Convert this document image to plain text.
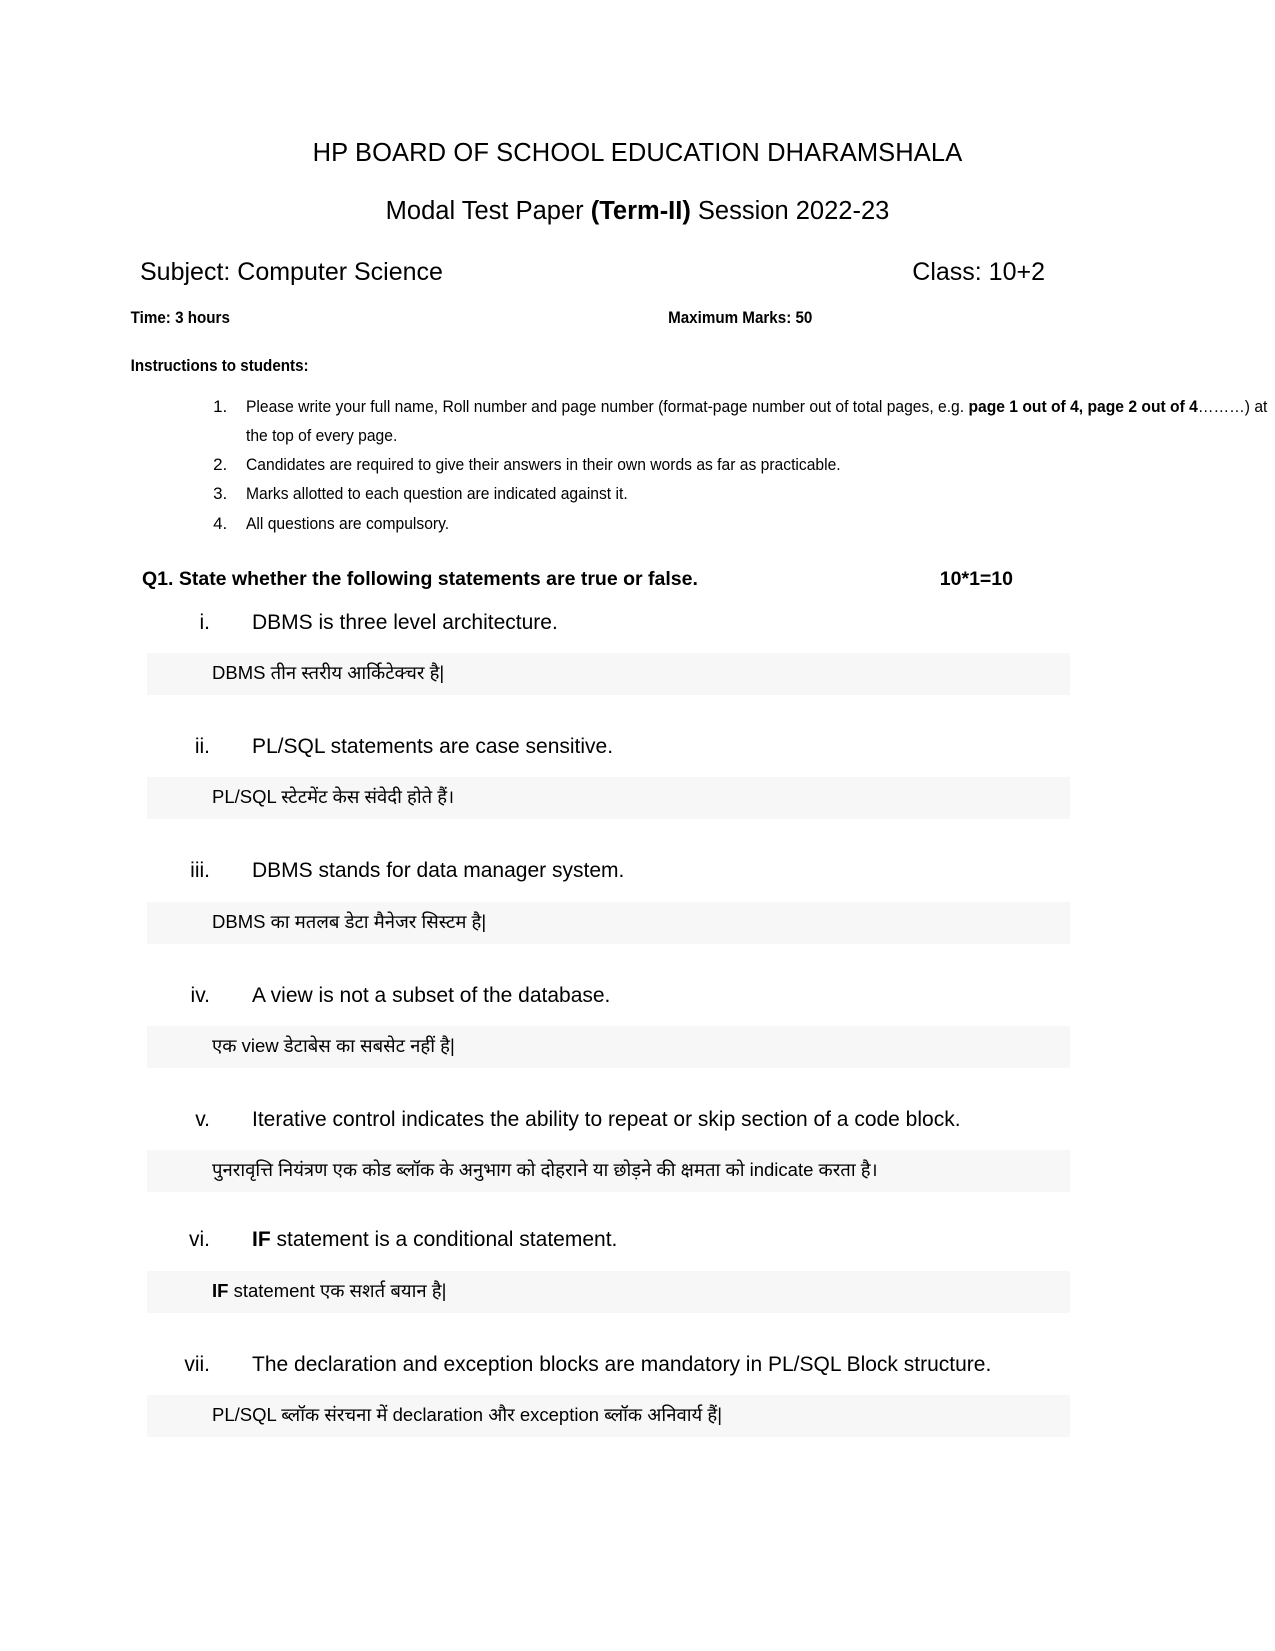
HP BOARD OF SCHOOL EDUCATION DHARAMSHALA
Modal Test Paper (Term-II) Session 2022-23
Subject: Computer Science	Class: 10+2
Time: 3 hours	Maximum Marks: 50
Instructions to students:
1. Please write your full name, Roll number and page number (format-page number out of total pages, e.g. page 1 out of 4, page 2 out of 4………) at the top of every page.
2. Candidates are required to give their answers in their own words as far as practicable.
3. Marks allotted to each question are indicated against it.
4. All questions are compulsory.
Q1. State whether the following statements are true or false.	10*1=10
i.	DBMS is three level architecture.
DBMS तीन स्तरीय आर्किटेक्चर है|
ii.	PL/SQL statements are case sensitive.
PL/SQL स्टेटमेंट केस संवेदी होते हैं।
iii.	DBMS stands for data manager system.
DBMS का मतलब डेटा मैनेजर सिस्टम है|
iv.	A view is not a subset of the database.
एक view डेटाबेस का सबसेट नहीं है|
v.	Iterative control indicates the ability to repeat or skip section of a code block.
पुनरावृत्ति नियंत्रण एक कोड ब्लॉक के अनुभाग को दोहराने या छोड़ने की क्षमता को indicate करता है।
vi.	IF statement is a conditional statement.
IF statement एक सशर्त बयान है|
vii.	The declaration and exception blocks are mandatory in PL/SQL Block structure.
PL/SQL ब्लॉक संरचना में declaration और exception ब्लॉक अनिवार्य हैं|
